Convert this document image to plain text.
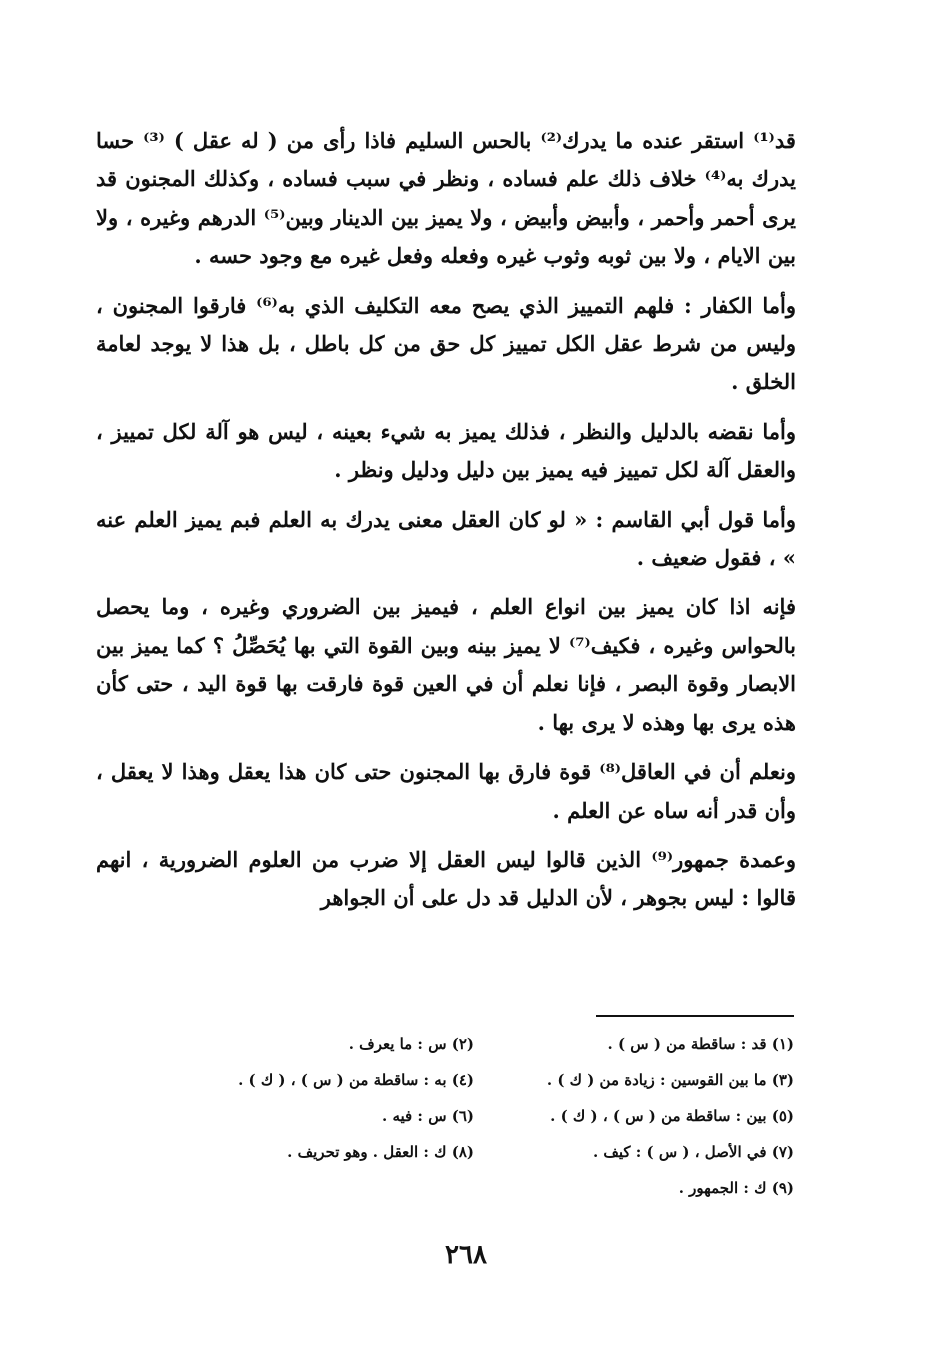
قد⁽¹⁾ استقر عنده ما يدرك⁽²⁾ بالحس السليم فاذا رأى من ( له عقل ) ⁽³⁾ حسا يدرك به⁽⁴⁾ خلاف ذلك علم فساده ، ونظر في سبب فساده ، وكذلك المجنون قد يرى أحمر وأحمر ، وأبيض وأبيض ، ولا يميز بين الدينار وبين⁽⁵⁾ الدرهم وغيره ، ولا بين الايام ، ولا بين ثوبه وثوب غيره وفعله وفعل غيره مع وجود حسه .

وأما الكفار : فلهم التمييز الذي يصح معه التكليف الذي به⁽⁶⁾ فارقوا المجنون ، وليس من شرط عقل الكل تمييز كل حق من كل باطل ، بل هذا لا يوجد لعامة الخلق .

وأما نقضه بالدليل والنظر ، فذلك يميز به شيء بعينه ، ليس هو آلة لكل تمييز ، والعقل آلة لكل تمييز فيه يميز بين دليل ودليل ونظر .

وأما قول أبي القاسم : « لو كان العقل معنى يدرك به العلم فبم يميز العلم عنه » ، فقول ضعيف .

فإنه اذا كان يميز بين انواع العلم ، فيميز بين الضروري وغيره ، وما يحصل بالحواس وغيره ، فكيف⁽⁷⁾ لا يميز بينه وبين القوة التي بها يُحَصِّلُ ؟ كما يميز بين الابصار وقوة البصر ، فإنا نعلم أن في العين قوة فارقت بها قوة اليد ، حتى كأن هذه يرى بها وهذه لا يرى بها .

ونعلم أن في العاقل⁽⁸⁾ قوة فارق بها المجنون حتى كان هذا يعقل وهذا لا يعقل ، وأن قدر أنه ساه عن العلم .

وعمدة جمهور⁽⁹⁾ الذين قالوا ليس العقل إلا ضرب من العلوم الضرورية ، انهم قالوا : ليس بجوهر ، لأن الدليل قد دل على أن الجواهر

(١) قد : ساقطة من ( س ) .
(٢) س : ما يعرف .
(٣) ما بين القوسين : زيادة من ( ك ) .
(٤) به : ساقطة من ( س ) ، ( ك ) .
(٥) بين : ساقطة من ( س ) ، ( ك ) .
(٦) س : فيه .
(٧) في الأصل ، ( س ) : كيف .
(٨) ك : العقل . وهو تحريف .
(٩) ك : الجمهور .
٢٦٨
